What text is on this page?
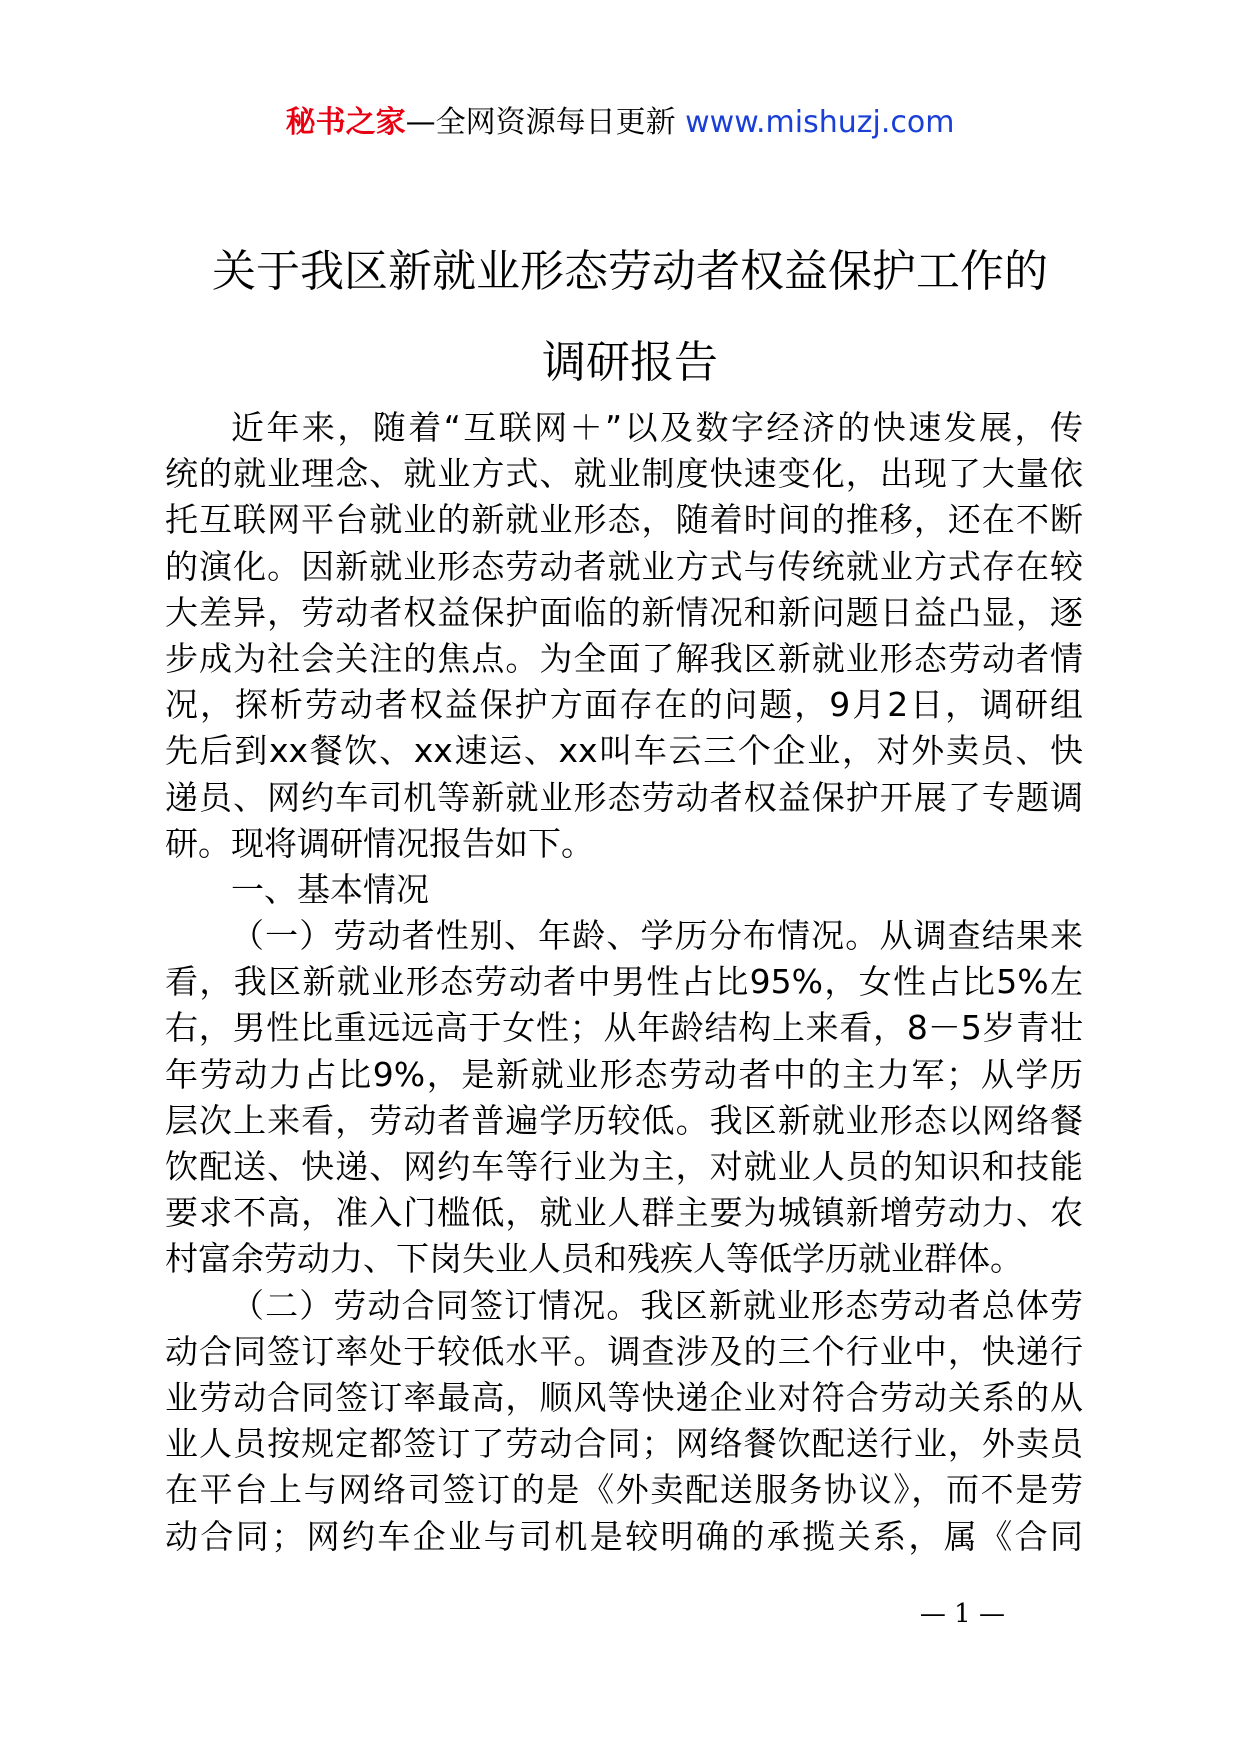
秘书之家—全网资源每日更新 www.mishuzj.com
关于我区新就业形态劳动者权益保护工作的
调研报告
近年来，随着“互联网＋”以及数字经济的快速发展，传
统的就业理念、就业方式、就业制度快速变化，出现了大量依
托互联网平台就业的新就业形态，随着时间的推移，还在不断
的演化。因新就业形态劳动者就业方式与传统就业方式存在较
大差异，劳动者权益保护面临的新情况和新问题日益凸显，逐
步成为社会关注的焦点。为全面了解我区新就业形态劳动者情
况，探析劳动者权益保护方面存在的问题，9月2日，调研组
先后到xx餐饮、xx速运、xx叫车云三个企业，对外卖员、快
递员、网约车司机等新就业形态劳动者权益保护开展了专题调
研。现将调研情况报告如下。
一、基本情况
（一）劳动者性别、年龄、学历分布情况。从调查结果来
看，我区新就业形态劳动者中男性占比95%，女性占比5%左
右，男性比重远远高于女性；从年龄结构上来看，8－5岁青壮
年劳动力占比9%，是新就业形态劳动者中的主力军；从学历
层次上来看，劳动者普遍学历较低。我区新就业形态以网络餐
饮配送、快递、网约车等行业为主，对就业人员的知识和技能
要求不高，准入门槛低，就业人群主要为城镇新增劳动力、农
村富余劳动力、下岗失业人员和残疾人等低学历就业群体。
（二）劳动合同签订情况。我区新就业形态劳动者总体劳
动合同签订率处于较低水平。调查涉及的三个行业中，快递行
业劳动合同签订率最高，顺风等快递企业对符合劳动关系的从
业人员按规定都签订了劳动合同；网络餐饮配送行业，外卖员
在平台上与网络司签订的是《外卖配送服务协议》，而不是劳
动合同；网约车企业与司机是较明确的承揽关系，属《合同
— 1 —
